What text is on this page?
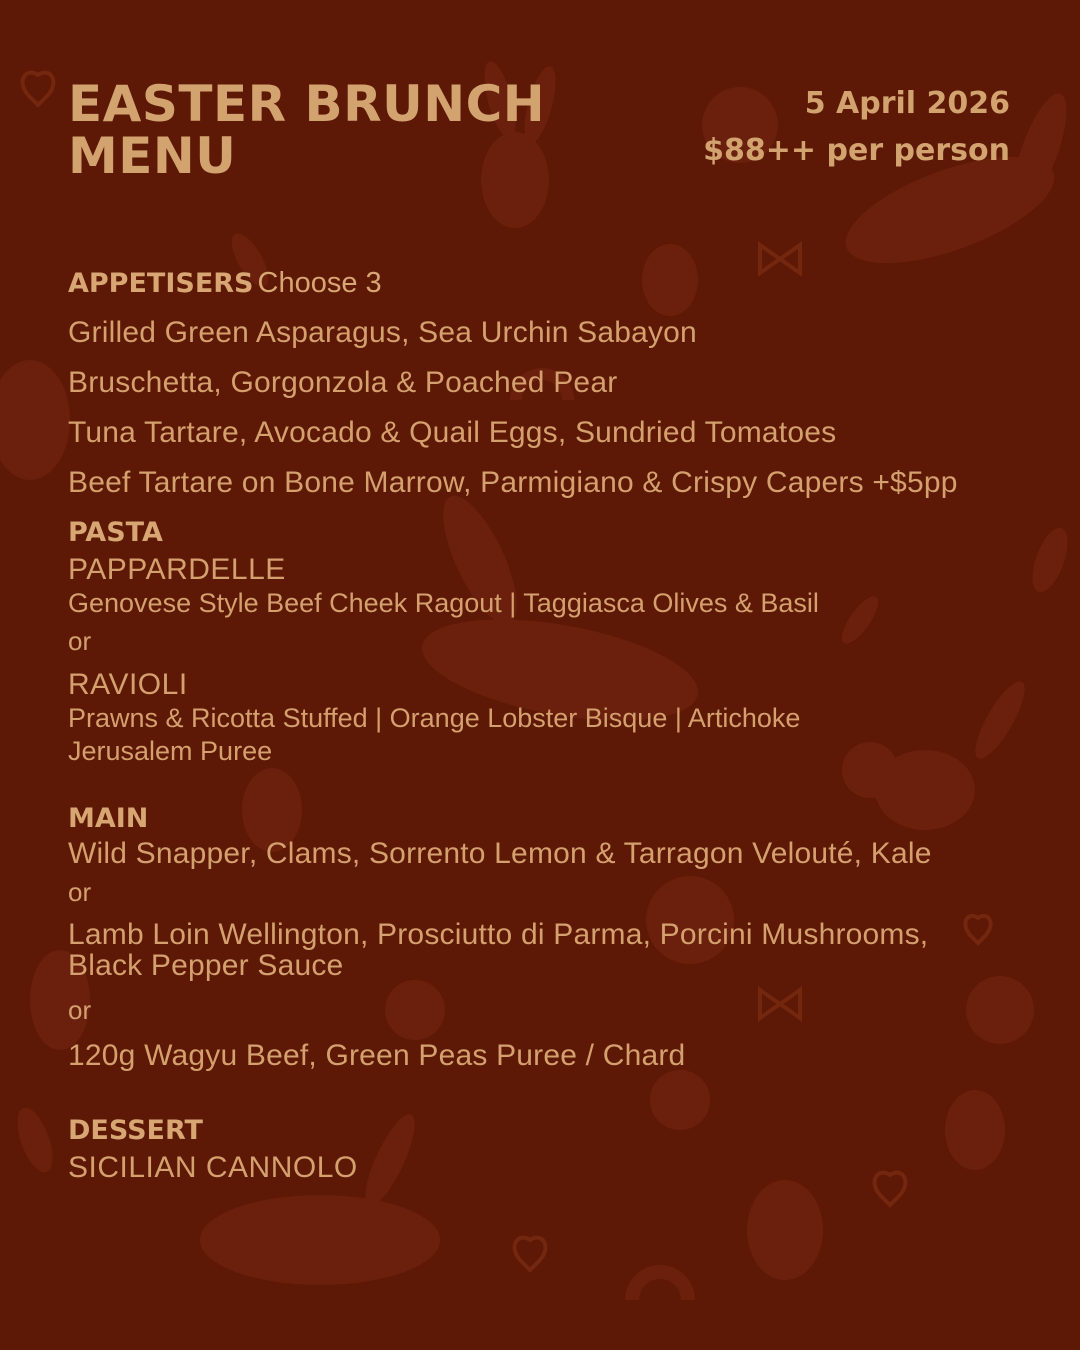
EASTER BRUNCH
MENU
5 April 2026
$88++ per person
APPETISERS Choose 3
Grilled Green Asparagus, Sea Urchin Sabayon
Bruschetta, Gorgonzola & Poached Pear
Tuna Tartare, Avocado & Quail Eggs, Sundried Tomatoes
Beef Tartare on Bone Marrow, Parmigiano & Crispy Capers +$5pp
PASTA
PAPPARDELLE
Genovese Style Beef Cheek Ragout | Taggiasca Olives & Basil
or
RAVIOLI
Prawns & Ricotta Stuffed | Orange Lobster Bisque | Artichoke Jerusalem Puree
MAIN
Wild Snapper, Clams, Sorrento Lemon & Tarragon Velouté, Kale
or
Lamb Loin Wellington, Prosciutto di Parma, Porcini Mushrooms, Black Pepper Sauce
or
120g Wagyu Beef, Green Peas Puree / Chard
DESSERT
SICILIAN CANNOLO
